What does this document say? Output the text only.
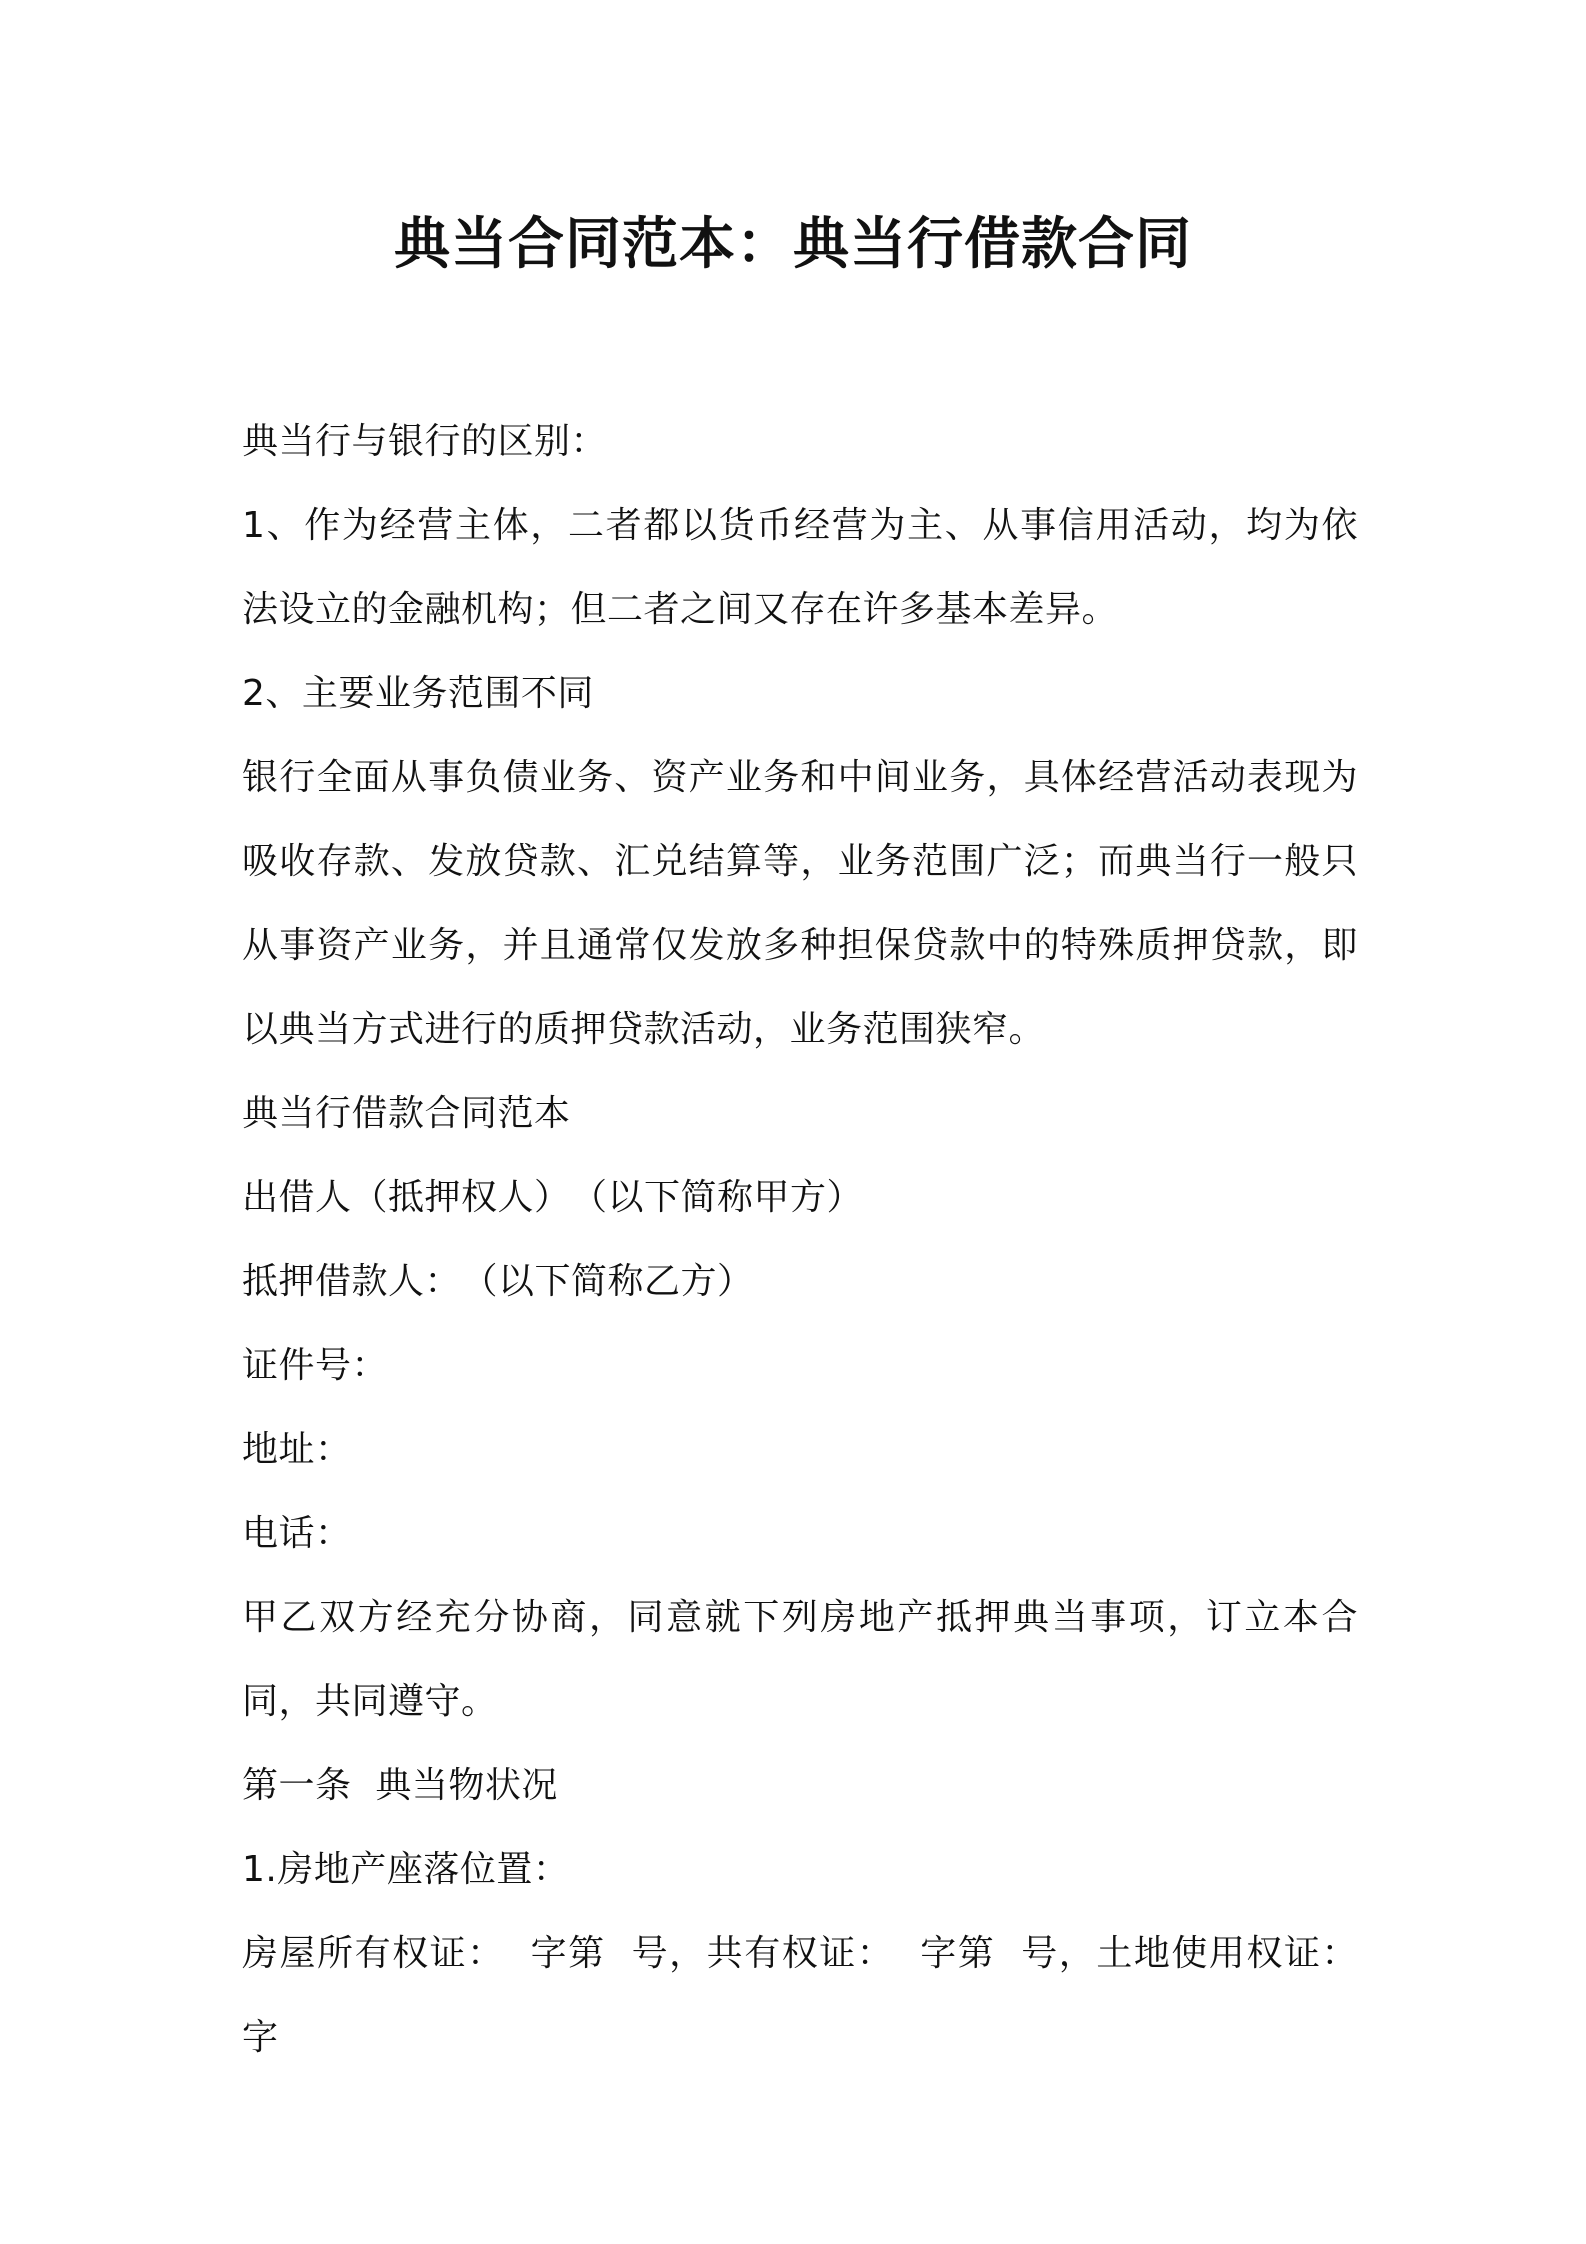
典当合同范本：典当行借款合同

典当行与银行的区别：

1、作为经营主体，二者都以货币经营为主、从事信用活动，均为依法设立的金融机构；但二者之间又存在许多基本差异。

2、主要业务范围不同

银行全面从事负债业务、资产业务和中间业务，具体经营活动表现为吸收存款、发放贷款、汇兑结算等，业务范围广泛；而典当行一般只从事资产业务，并且通常仅发放多种担保贷款中的特殊质押贷款，即以典当方式进行的质押贷款活动，业务范围狭窄。

典当行借款合同范本

出借人（抵押权人）　（以下简称甲方）

抵押借款人：　（以下简称乙方）

证件号：

地址：

电话：

甲乙双方经充分协商，同意就下列房地产抵押典当事项，订立本合同，共同遵守。

第一条  典当物状况

1.房地产座落位置：

房屋所有权证：  字第  号，共有权证：  字第  号，土地使用权证：  字
